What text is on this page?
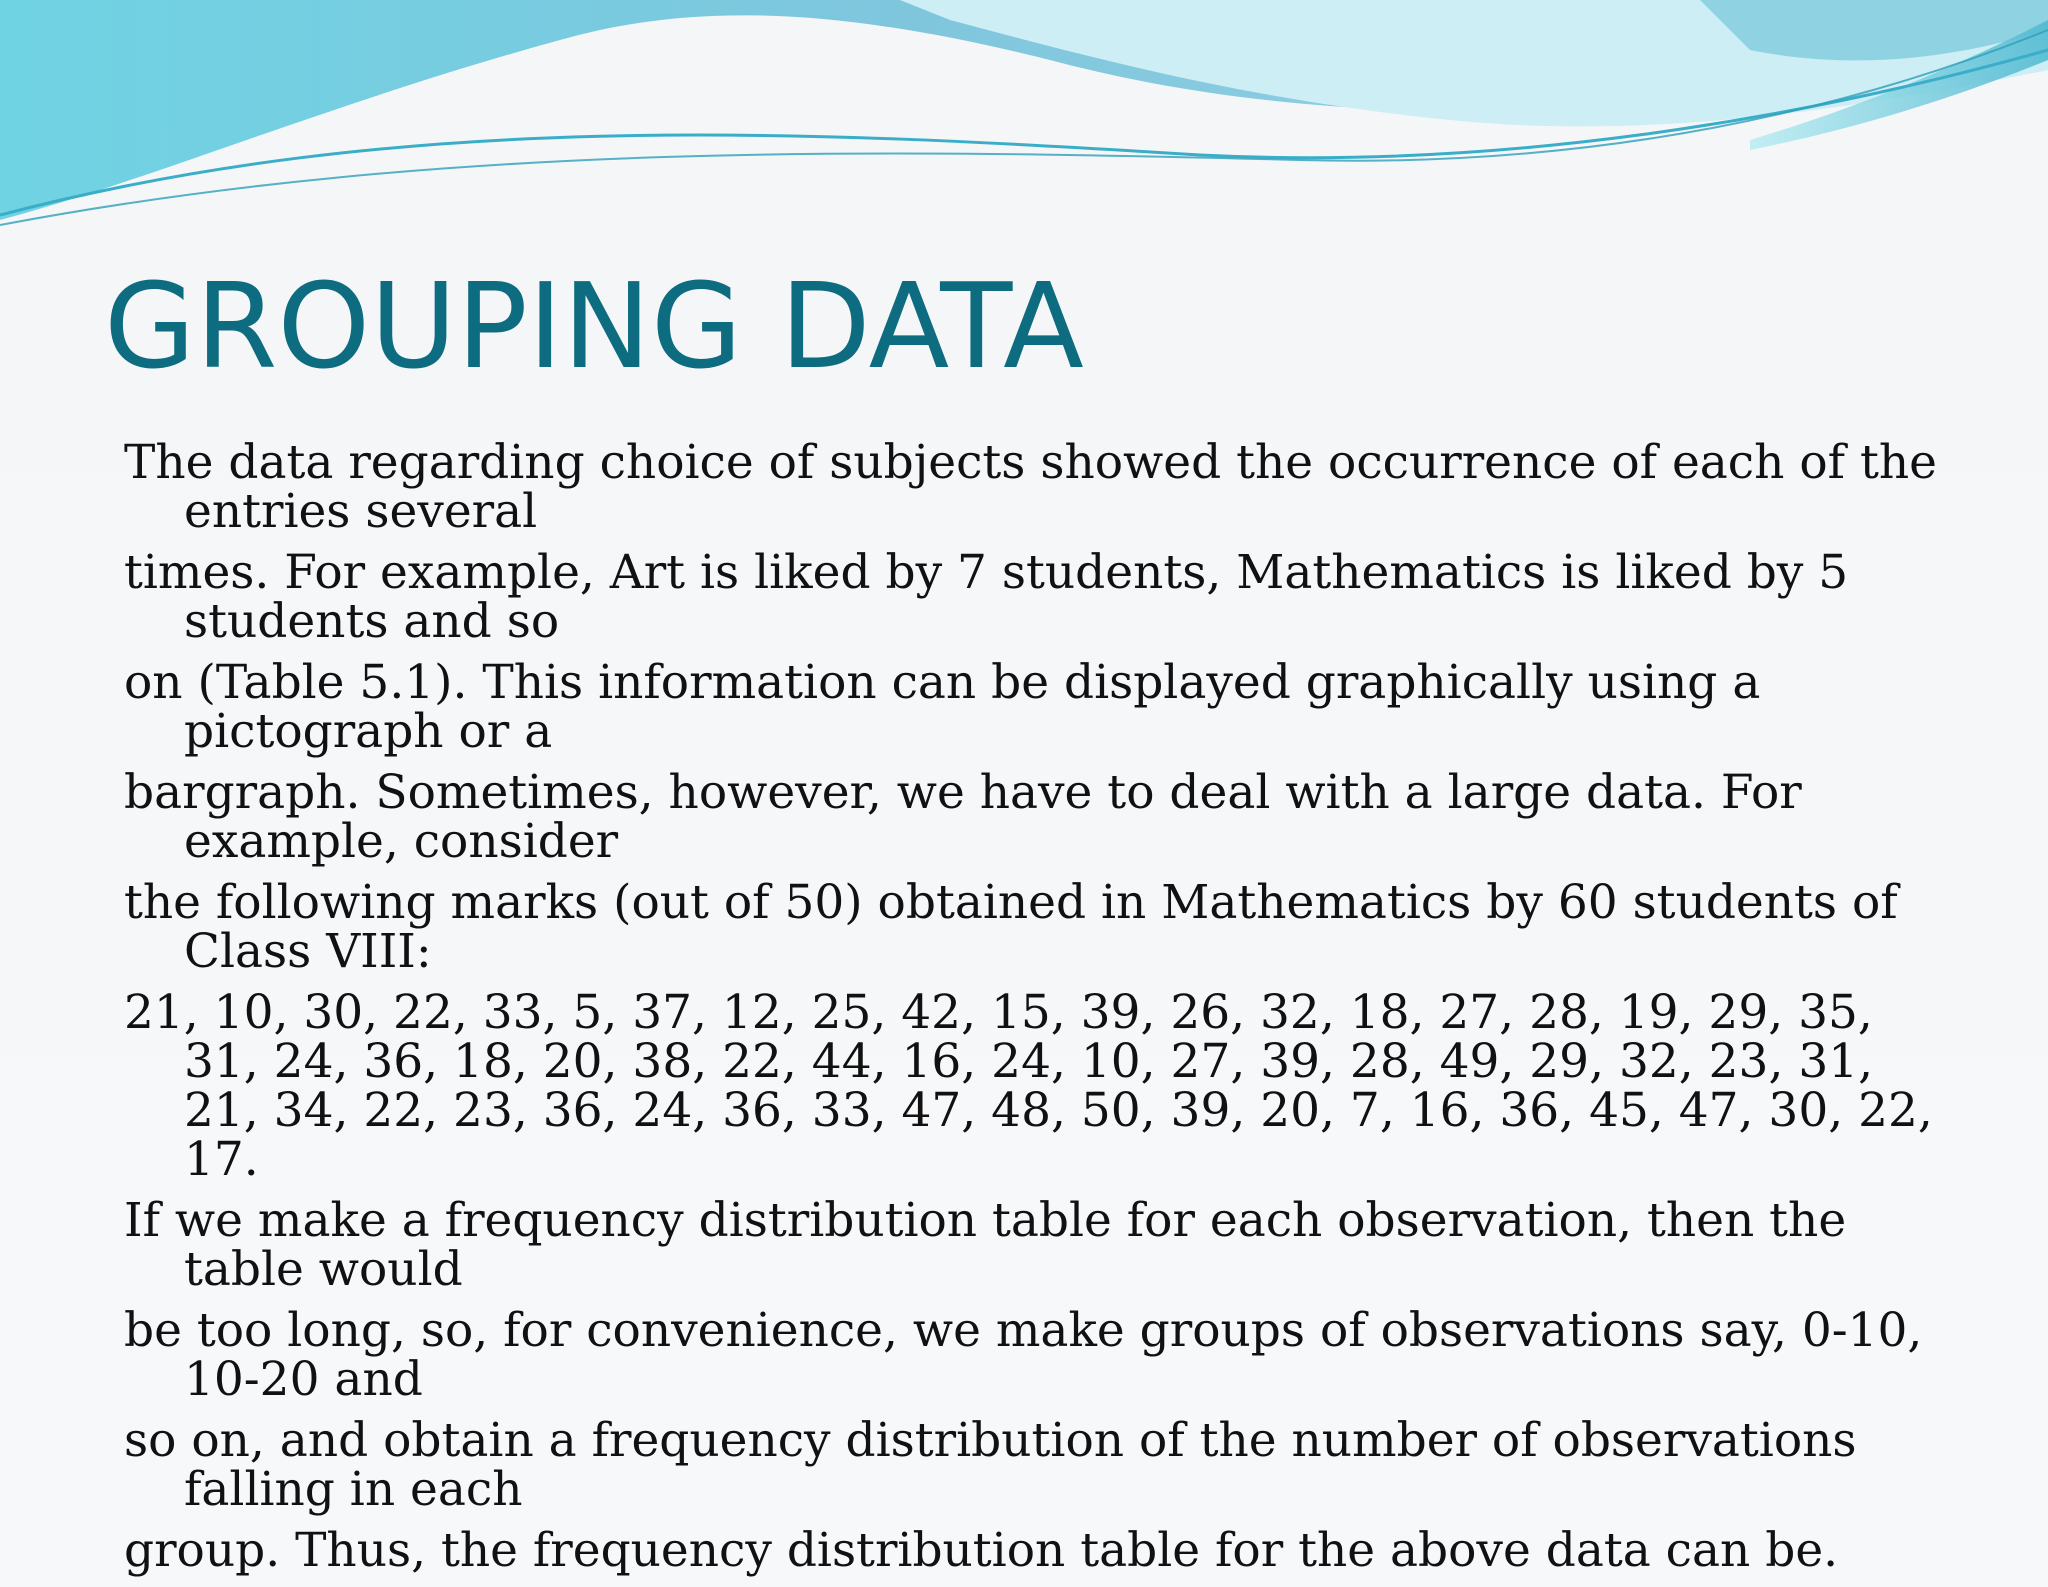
GROUPING DATA

The data regarding choice of subjects showed the occurrence of each of the entries several

times. For example, Art is liked by 7 students, Mathematics is liked by 5 students and so

on (Table 5.1). This information can be displayed graphically using a pictograph or a

bargraph. Sometimes, however, we have to deal with a large data. For example, consider

the following marks (out of 50) obtained in Mathematics by 60 students of Class VIII:

21, 10, 30, 22, 33, 5, 37, 12, 25, 42, 15, 39, 26, 32, 18, 27, 28, 19, 29, 35, 31, 24, 36, 18, 20, 38, 22, 44, 16, 24, 10, 27, 39, 28, 49, 29, 32, 23, 31, 21, 34, 22, 23, 36, 24, 36, 33, 47, 48, 50, 39, 20, 7, 16, 36, 45, 47, 30, 22, 17.

If we make a frequency distribution table for each observation, then the table would

be too long, so, for convenience, we make groups of observations say, 0-10, 10-20 and

so on, and obtain a frequency distribution of the number of observations falling in each

group. Thus, the frequency distribution table for the above data can be.
